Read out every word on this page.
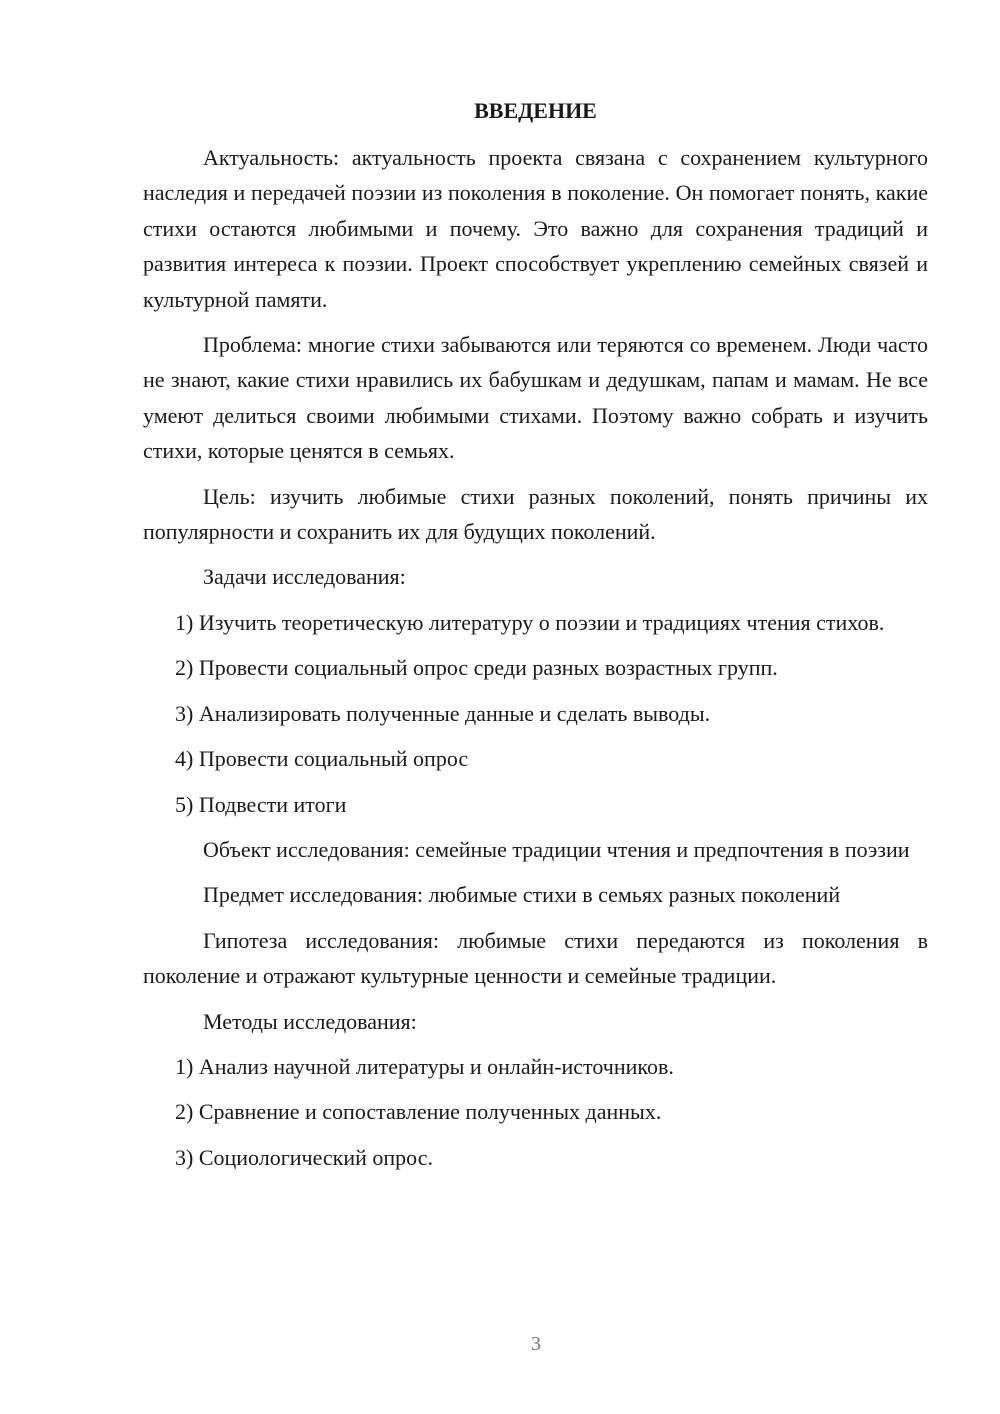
ВВЕДЕНИЕ

Актуальность: актуальность проекта связана с сохранением культурного наследия и передачей поэзии из поколения в поколение. Он помогает понять, какие стихи остаются любимыми и почему. Это важно для сохранения традиций и развития интереса к поэзии. Проект способствует укреплению семейных связей и культурной памяти.

Проблема: многие стихи забываются или теряются со временем. Люди часто не знают, какие стихи нравились их бабушкам и дедушкам, папам и мамам. Не все умеют делиться своими любимыми стихами. Поэтому важно собрать и изучить стихи, которые ценятся в семьях.

Цель: изучить любимые стихи разных поколений, понять причины их популярности и сохранить их для будущих поколений.

Задачи исследования:

1) Изучить теоретическую литературу о поэзии и традициях чтения стихов.

2) Провести социальный опрос среди разных возрастных групп.

3) Анализировать полученные данные и сделать выводы.

4) Провести социальный опрос

5) Подвести итоги

Объект исследования: семейные традиции чтения и предпочтения в поэзии

Предмет исследования: любимые стихи в семьях разных поколений

Гипотеза исследования: любимые стихи передаются из поколения в поколение и отражают культурные ценности и семейные традиции.

Методы исследования:

1) Анализ научной литературы и онлайн-источников.

2) Сравнение и сопоставление полученных данных.

3) Социологический опрос.

3
